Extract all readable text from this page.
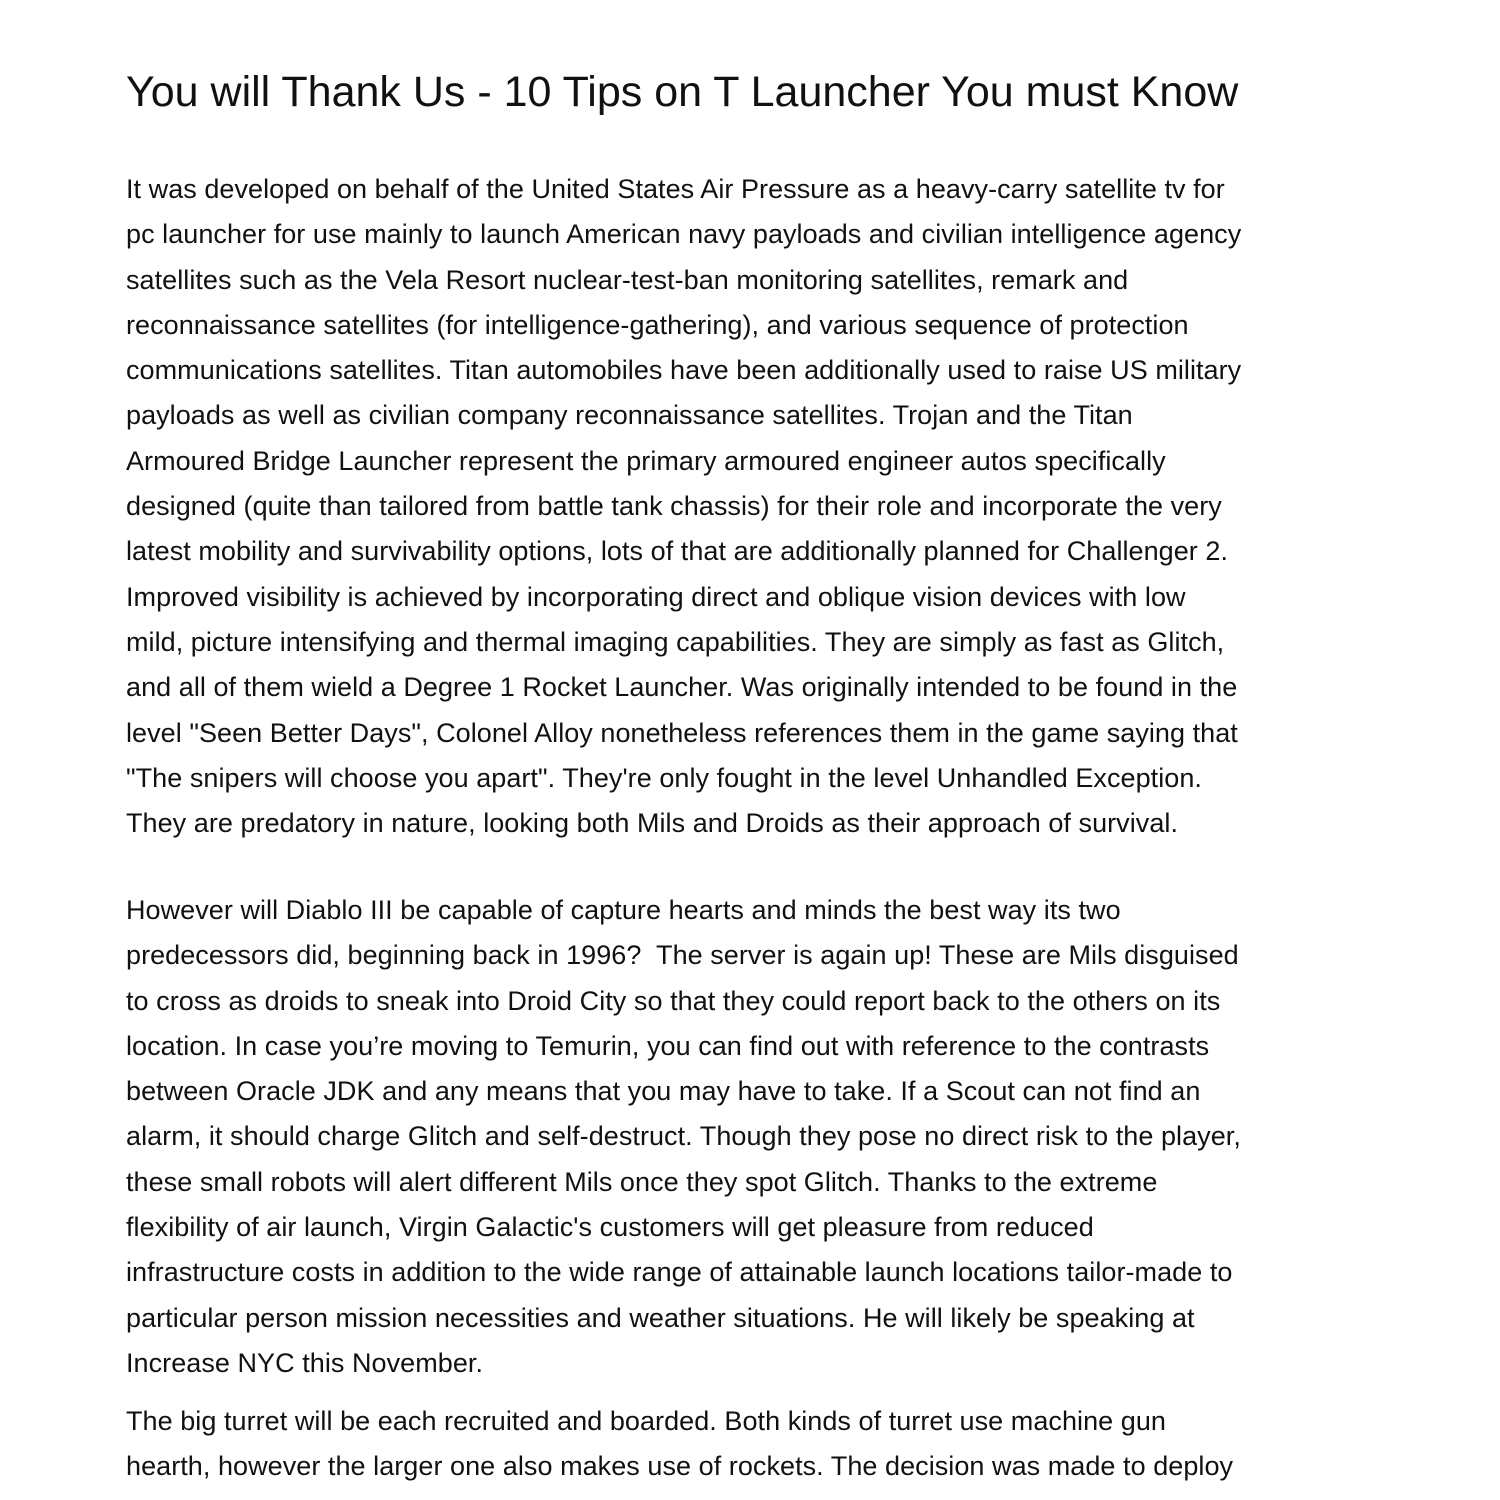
You will Thank Us - 10 Tips on T Launcher You must Know
It was developed on behalf of the United States Air Pressure as a heavy-carry satellite tv for
pc launcher for use mainly to launch American navy payloads and civilian intelligence agency
satellites such as the Vela Resort nuclear-test-ban monitoring satellites, remark and
reconnaissance satellites (for intelligence-gathering), and various sequence of protection
communications satellites. Titan automobiles have been additionally used to raise US military
payloads as well as civilian company reconnaissance satellites. Trojan and the Titan
Armoured Bridge Launcher represent the primary armoured engineer autos specifically
designed (quite than tailored from battle tank chassis) for their role and incorporate the very
latest mobility and survivability options, lots of that are additionally planned for Challenger 2.
Improved visibility is achieved by incorporating direct and oblique vision devices with low
mild, picture intensifying and thermal imaging capabilities. They are simply as fast as Glitch,
and all of them wield a Degree 1 Rocket Launcher. Was originally intended to be found in the
level "Seen Better Days", Colonel Alloy nonetheless references them in the game saying that
"The snipers will choose you apart". They're only fought in the level Unhandled Exception.
They are predatory in nature, looking both Mils and Droids as their approach of survival.
However will Diablo III be capable of capture hearts and minds the best way its two
predecessors did, beginning back in 1996?  The server is again up! These are Mils disguised
to cross as droids to sneak into Droid City so that they could report back to the others on its
location. In case you’re moving to Temurin, you can find out with reference to the contrasts
between Oracle JDK and any means that you may have to take. If a Scout can not find an
alarm, it should charge Glitch and self-destruct. Though they pose no direct risk to the player,
these small robots will alert different Mils once they spot Glitch. Thanks to the extreme
flexibility of air launch, Virgin Galactic's customers will get pleasure from reduced
infrastructure costs in addition to the wide range of attainable launch locations tailor-made to
particular person mission necessities and weather situations. He will likely be speaking at
Increase NYC this November.
The big turret will be each recruited and boarded. Both kinds of turret use machine gun
hearth, however the larger one also makes use of rockets. The decision was made to deploy
